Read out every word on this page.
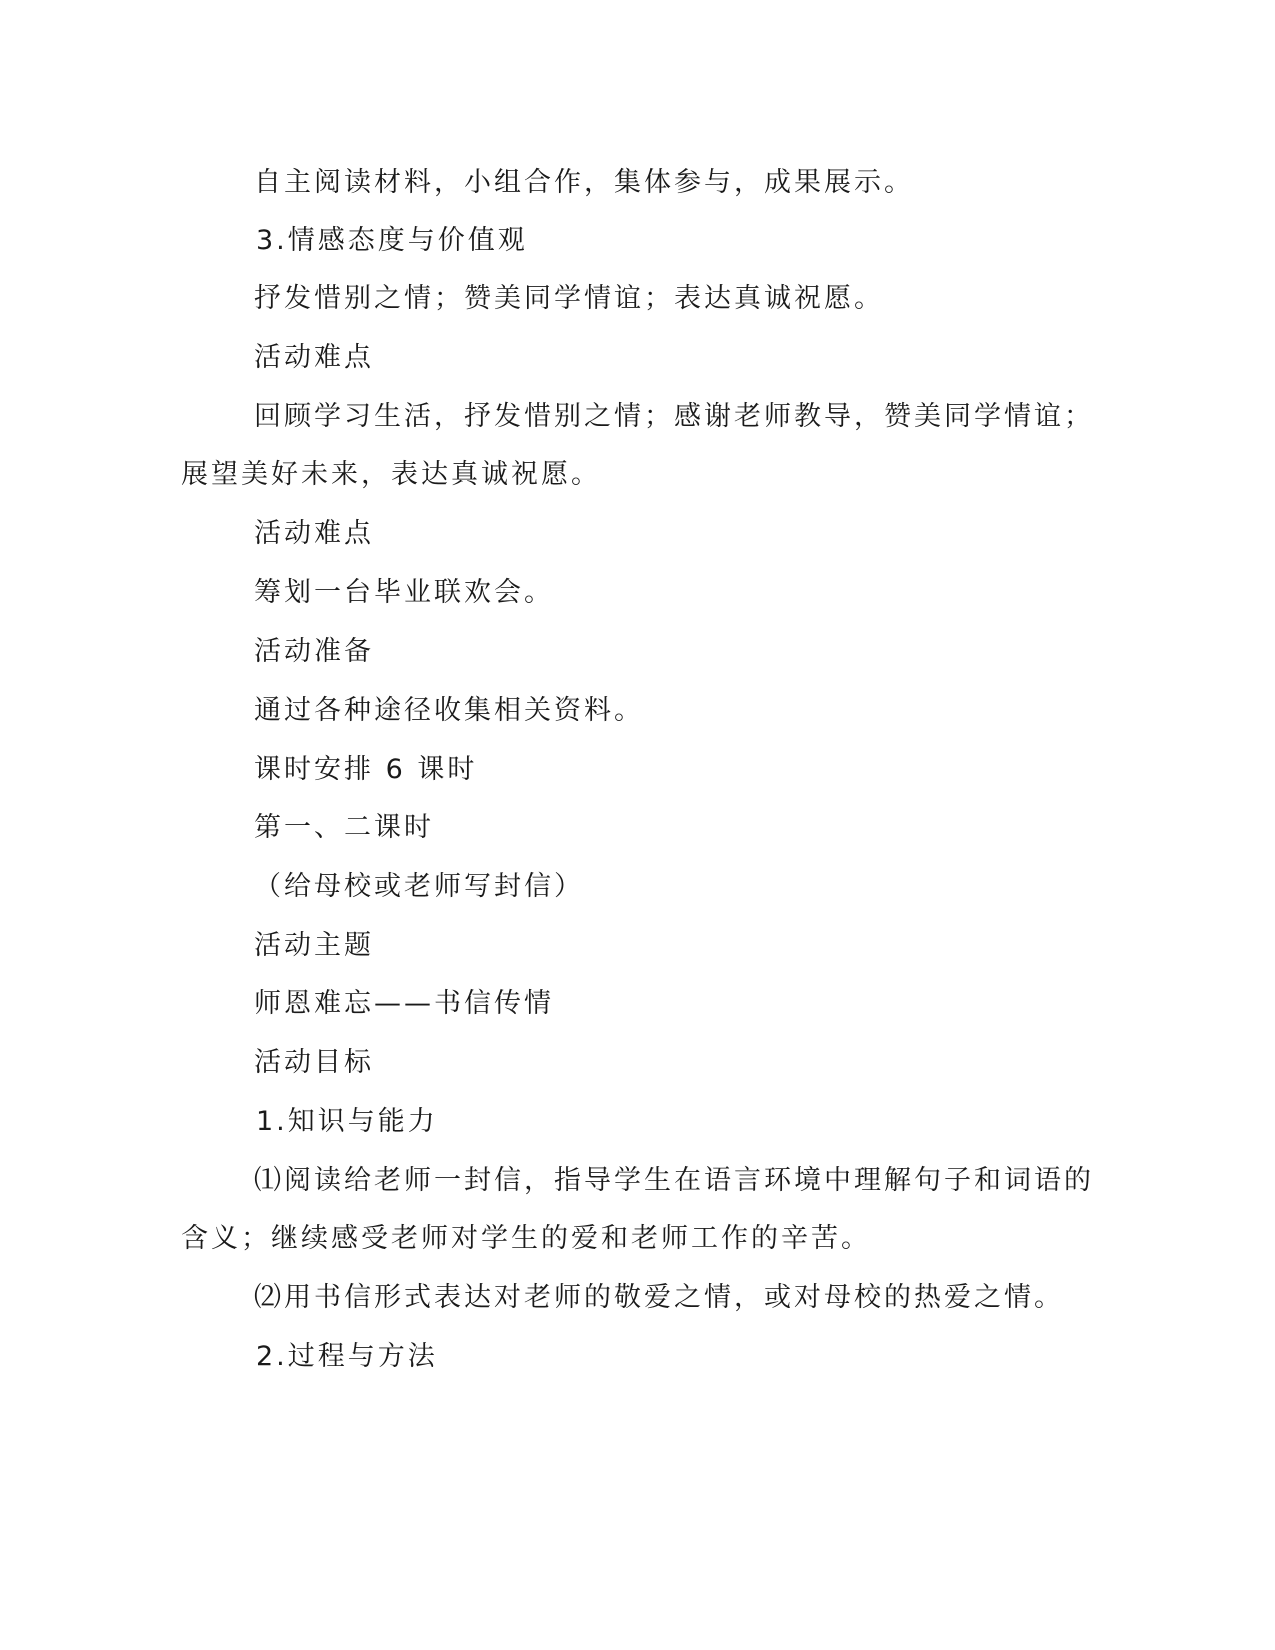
自主阅读材料，小组合作，集体参与，成果展示。
3.情感态度与价值观
抒发惜别之情；赞美同学情谊；表达真诚祝愿。
活动难点
回顾学习生活，抒发惜别之情；感谢老师教导，赞美同学情谊；
展望美好未来，表达真诚祝愿。
活动难点
筹划一台毕业联欢会。
活动准备
通过各种途径收集相关资料。
课时安排 6 课时
第一、二课时
（给母校或老师写封信）
活动主题
师恩难忘——书信传情
活动目标
1.知识与能力
⑴阅读给老师一封信，指导学生在语言环境中理解句子和词语的
含义；继续感受老师对学生的爱和老师工作的辛苦。
⑵用书信形式表达对老师的敬爱之情，或对母校的热爱之情。
2.过程与方法
